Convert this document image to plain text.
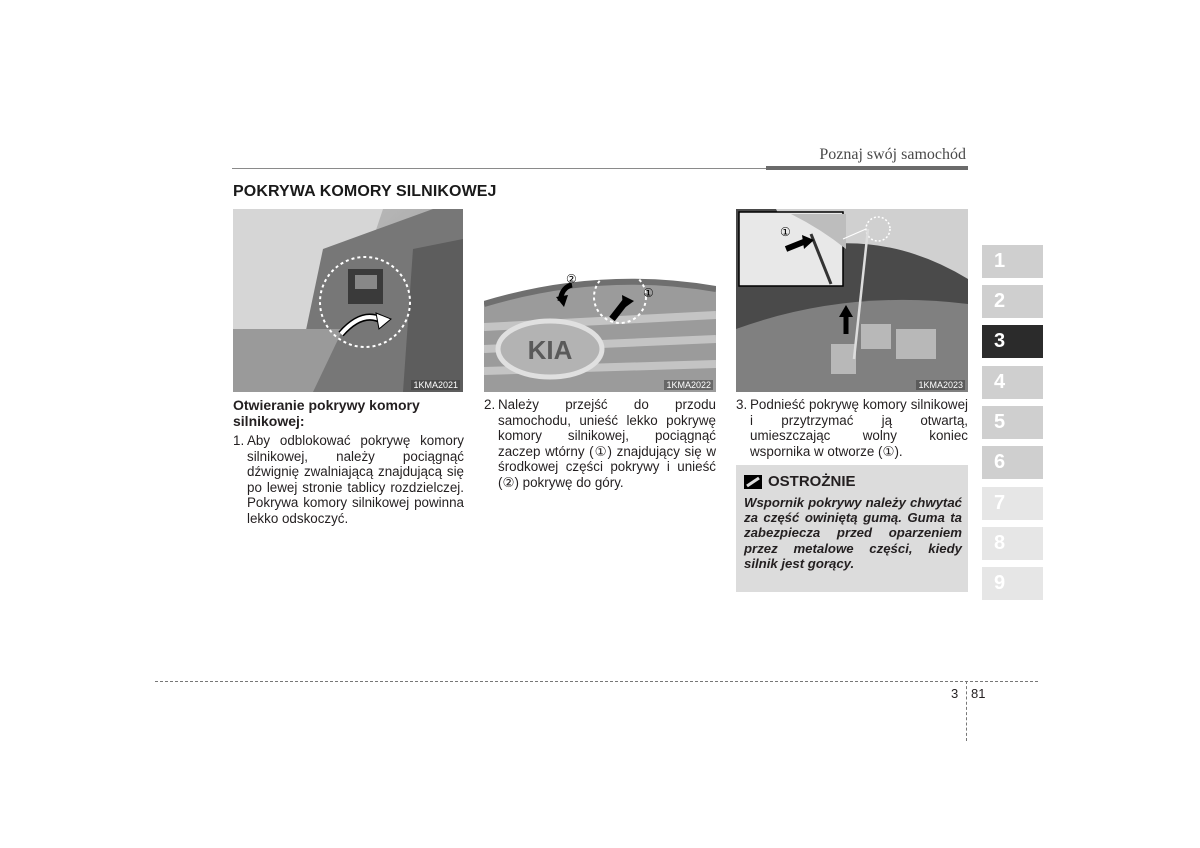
Poznaj swój samochód
POKRYWA KOMORY SILNIKOWEJ
1KMA2021
KIA
②
①
1KMA2022
①
1KMA2023
Otwieranie pokrywy komory silnikowej:
1. Aby odblokować pokrywę komory silnikowej, należy pociągnąć dźwignię zwalniającą znajdującą się po lewej stronie tablicy rozdzielczej. Pokrywa komory silnikowej powinna lekko odskoczyć.
2. Należy przejść do przodu samochodu, unieść lekko pokrywę komory silnikowej, pociągnąć zaczep wtórny (①) znajdujący się w środkowej części pokrywy i unieść (②) pokrywę do góry.
3. Podnieść pokrywę komory silnikowej i przytrzymać ją otwartą, umieszczając wolny koniec wspornika w otworze (①).
OSTROŻNIE
Wspornik pokrywy należy chwytać za część owiniętą gumą. Guma ta zabezpiecza przed oparzeniem przez metalowe części, kiedy silnik jest gorący.
1
2
3
4
5
6
7
8
9
3 81
